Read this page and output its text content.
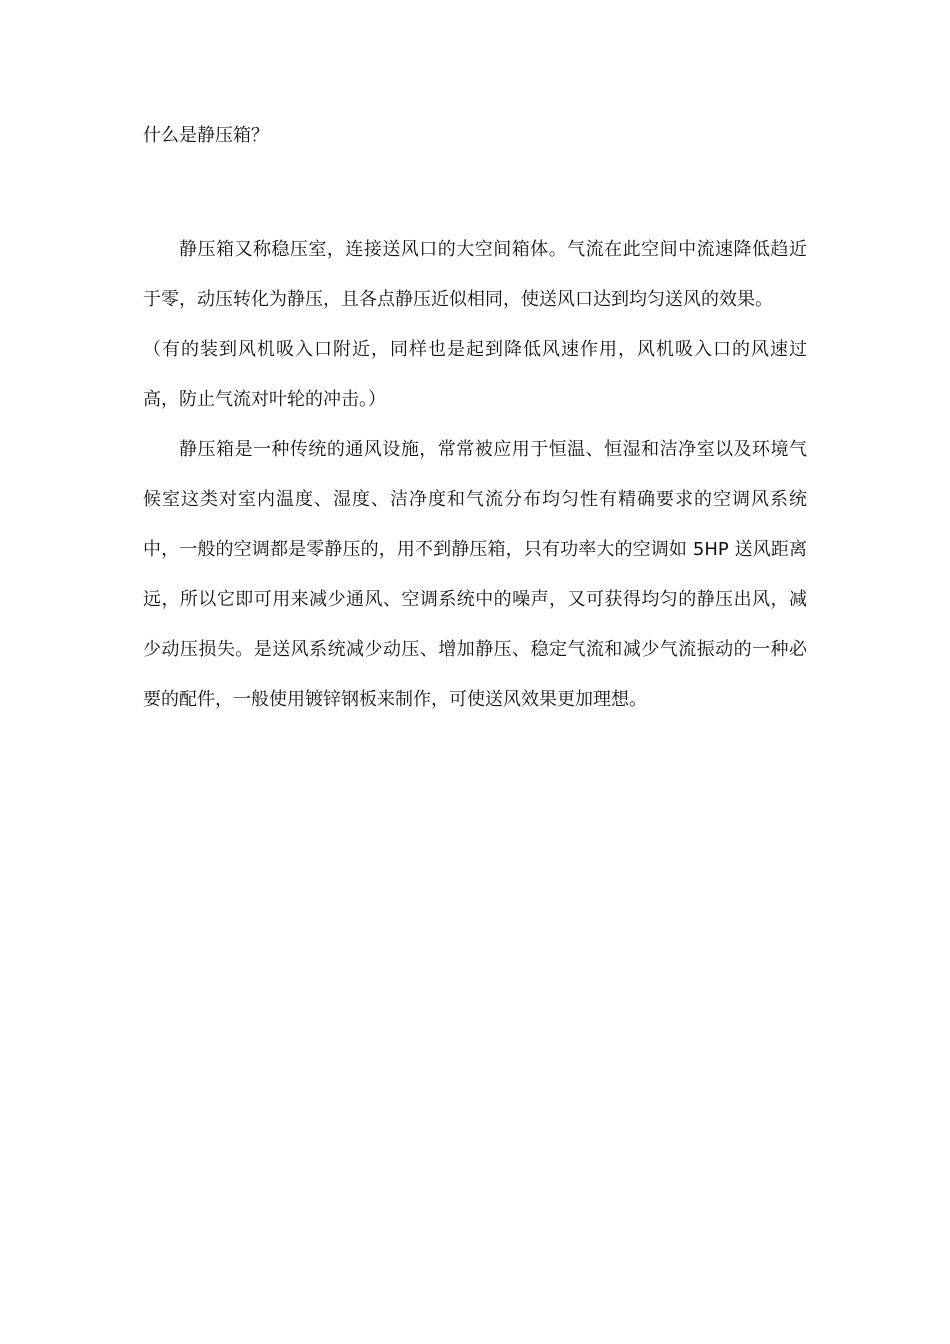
什么是静压箱？

静压箱又称稳压室，连接送风口的大空间箱体。气流在此空间中流速降低趋近于零，动压转化为静压，且各点静压近似相同，使送风口达到均匀送风的效果。

（有的装到风机吸入口附近，同样也是起到降低风速作用，风机吸入口的风速过高，防止气流对叶轮的冲击。）

静压箱是一种传统的通风设施，常常被应用于恒温、恒湿和洁净室以及环境气候室这类对室内温度、湿度、洁净度和气流分布均匀性有精确要求的空调风系统中，一般的空调都是零静压的，用不到静压箱，只有功率大的空调如 5HP 送风距离远，所以它即可用来减少通风、空调系统中的噪声，又可获得均匀的静压出风，减少动压损失。是送风系统减少动压、增加静压、稳定气流和减少气流振动的一种必要的配件，一般使用镀锌钢板来制作，可使送风效果更加理想。
